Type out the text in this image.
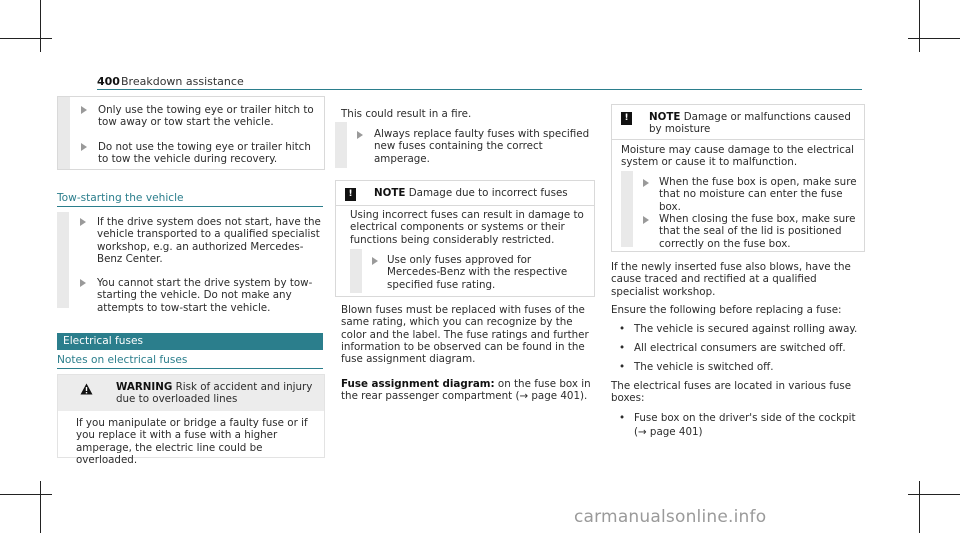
400 Breakdown assistance
Only use the towing eye or trailer hitch to tow away or tow start the vehicle.
Do not use the towing eye or trailer hitch to tow the vehicle during recovery.
Tow-starting the vehicle
If the drive system does not start, have the vehicle transported to a qualified specialist workshop, e.g. an authorized Mercedes-Benz Center.
You cannot start the drive system by tow-starting the vehicle. Do not make any attempts to tow-start the vehicle.
Electrical fuses
Notes on electrical fuses
WARNING Risk of accident and injury due to overloaded lines
If you manipulate or bridge a faulty fuse or if you replace it with a fuse with a higher amperage, the electric line could be overloaded.
This could result in a fire.
Always replace faulty fuses with specified new fuses containing the correct amperage.
!	NOTE Damage due to incorrect fuses
Using incorrect fuses can result in damage to electrical components or systems or their functions being considerably restricted.
Use only fuses approved for Mercedes-Benz with the respective specified fuse rating.
Blown fuses must be replaced with fuses of the same rating, which you can recognize by the color and the label. The fuse ratings and further information to be observed can be found in the fuse assignment diagram.
Fuse assignment diagram: on the fuse box in the rear passenger compartment (→ page 401).
!	NOTE Damage or malfunctions caused by moisture
Moisture may cause damage to the electrical system or cause it to malfunction.
When the fuse box is open, make sure that no moisture can enter the fuse box.
When closing the fuse box, make sure that the seal of the lid is positioned correctly on the fuse box.
If the newly inserted fuse also blows, have the cause traced and rectified at a qualified specialist workshop.
Ensure the following before replacing a fuse:
• The vehicle is secured against rolling away.
• All electrical consumers are switched off.
• The vehicle is switched off.
The electrical fuses are located in various fuse boxes:
• Fuse box on the driver's side of the cockpit
(→ page 401)
carmanualsonline.info
